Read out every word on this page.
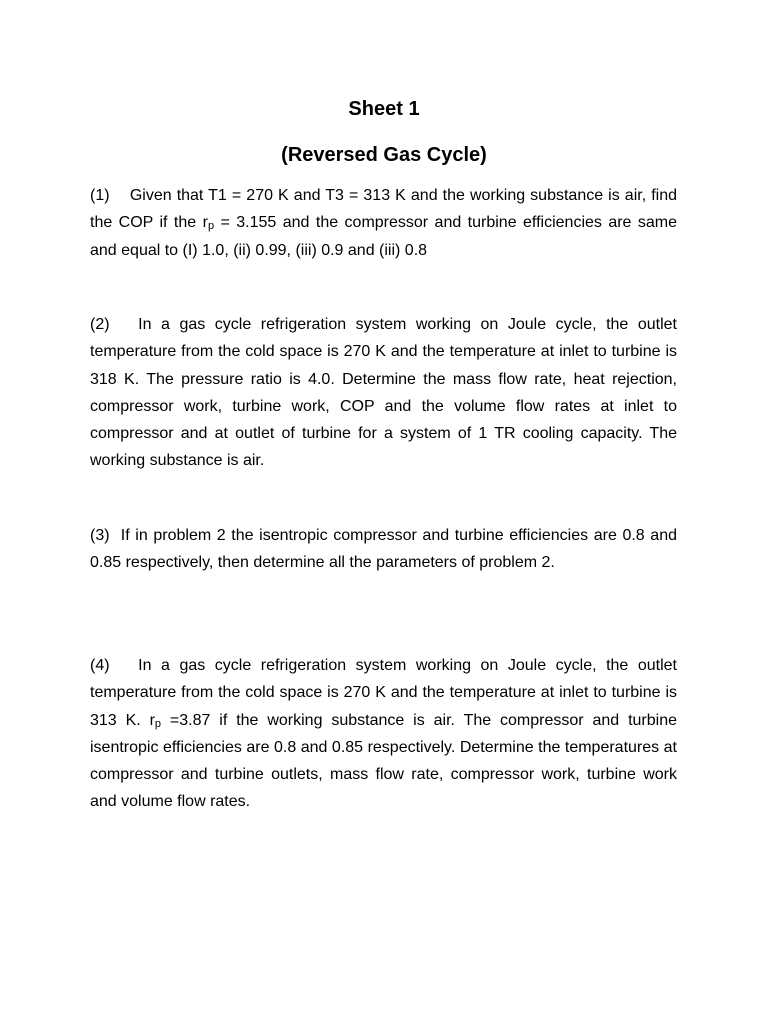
Sheet 1
(Reversed Gas Cycle)

(1) Given that T1 = 270 K and T3 = 313 K and the working substance is air, find the COP if the $r_p = 3.155$ and the compressor and turbine efficiencies are same and equal to (I) 1.0, (ii) 0.99, (iii) 0.9 and (iii) 0.8

(2) In a gas cycle refrigeration system working on Joule cycle, the outlet temperature from the cold space is 270 K and the temperature at inlet to turbine is 318 K. The pressure ratio is 4.0. Determine the mass flow rate, heat rejection, compressor work, turbine work, COP and the volume flow rates at inlet to compressor and at outlet of turbine for a system of 1 TR cooling capacity. The working substance is air.

(3) If in problem 2 the isentropic compressor and turbine efficiencies are 0.8 and 0.85 respectively, then determine all the parameters of problem 2.

(4) In a gas cycle refrigeration system working on Joule cycle, the outlet temperature from the cold space is 270 K and the temperature at inlet to turbine is 313 K. $r_p =3.87$ if the working substance is air. The compressor and turbine isentropic efficiencies are 0.8 and 0.85 respectively. Determine the temperatures at compressor and turbine outlets, mass flow rate, compressor work, turbine work and volume flow rates.
